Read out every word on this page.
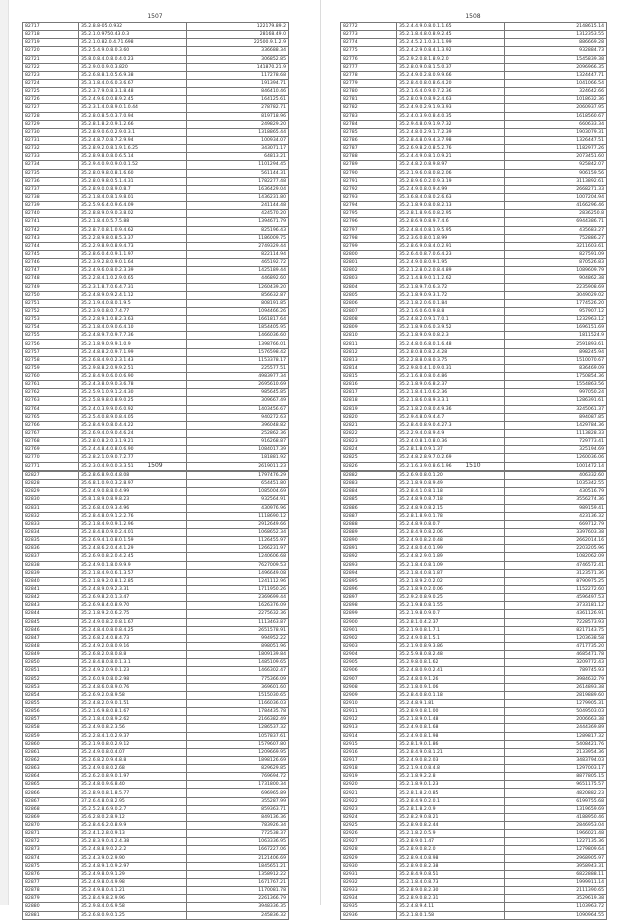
1507
82717	35.2.8.8-05.0.932	122179.89.2
82718	35.2.1.0.9750.43.0.3	28168.49.0
82719	35.2.1.0.82.0.4.71.698	22500.9.1.2.9
82720	35.2.5.4.9.0.8.0.3.60	336688.34
82721	35.8.0.8.4.0.8.0.4.0.23	306852.85
82722	35.2.9.0.0.9.0.3.820	141870.21.9
82723	35.2.6.8.8.1.0.5.6.9.38	117278.68
82724	35.3.1.8.4.0.6.0.3.6.67	191394.71
82725	35.2.3.7.9.0.8.3.1.8.48	846410.46
82726	35.2.4.9.6.0.0.8.9.2.45	164125.61
82727	35.2.3.1.4.0.8.9.0.1.0.44	278782.71
82728	35.2.8.0.8.5.0.3.7.0.94	819718.96
82729	35.2.8.1.8.2.0.9.1.2.66	249829.20
82730	35.2.8.9.0.6.0.2.9.0.3.1	1318865.44
82731	35.2.4.8.7.0.8.7.2.9.94	100934.07
82732	35.2.8.9.2.0.8.1.9.1.6.25	343071.17
82733	35.2.8.9.8.0.8.0.6.5.14	64813.21
82734	35.2.9.4.0.9.0.9.0.0.1.52	1101294.45
82735	35.2.8.0.9.8.0.8.1.6.60	561144.31
82736	35.2.8.0.9.8.0.5.1.4.31	1782277.48
82737	35.2.8.9.0.0.8.9.0.8.7	1636429.04
82738	35.2.1.8.4.0.8.1.9.8.01	1436231.80
82739	35.2.5.9.6.4.0.9.6.4.09	241144.48
82740	35.2.8.8.9.0.9.0.3.8.02	424570.20
82741	35.2.1.8.4.0.5.7.5.88	1394671.79
82742	35.2.8.7.0.8.1.0.9.4.62	825196.43
82743	35.2.2.8.9.8.0.8.5.3.37	1186009.75
82744	35.2.2.9.8.9.0.8.9.4.73	2749329.44
82745	35.2.8.6.0.4.0.9.1.1.97	822114.94
82746	35.2.3.9.2.8.0.9.0.1.64	465192.72
82747	35.2.4.9.6.0.8.0.2.3.39	1425189.44
82748	35.2.2.8.4.1.0.2.9.0.65	446892.60
82749	35.2.3.1.8.7.0.6.4.7.31	1260439.20
82750	35.2.4.8.9.0.9.2.4.1.12	856632.87
82751	35.2.1.9.4.0.8.0.1.9.5	808191.85
82752	35.2.3.9.0.8.0.7.4.77	1094466.26
82753	35.2.2.8.9.1.0.8.2.3.63	1661817.64
82754	35.2.1.8.4.0.9.0.6.4.10	1854405.95
82755	35.2.4.8.9.7.0.9.7.7.36	1466036.60
82756	35.2.1.8.9.0.9.9.1.0.9	1398766.01
82757	35.2.4.8.8.2.0.9.7.1.99	1576598.42
82758	35.2.6.8.4.9.0.2.3.1.43	1153378.17
82759	35.2.9.8.8.2.0.9.9.2.51	225577.51
82760	35.2.8.4.9.0.6.0.0.6.90	4983977.34
82761	35.2.4.3.8.0.9.0.3.6.78	2695610.69
82762	35.2.5.9.1.0.9.1.2.4.30	985645.85
82763	35.2.5.8.9.8.0.8.9.0.25	309667.49
82764	35.2.4.0.3.9.9.0.6.0.92	1403456.67
82765	35.2.5.4.0.8.9.0.8.4.05	940272.63
82766	35.2.8.4.9.0.8.0.4.4.22	396048.82
82767	35.2.6.9.4.0.9.0.4.6.24	252862.36
82768	35.2.8.0.8.2.0.3.1.9.21	916268.87
82769	35.2.4.4.8.4.0.8.0.6.90	1084017.39
82770	35.2.8.2.1.0.9.0.7.2.77	181881.92
82771	35.2.3.0.4.9.0.0.3.3.51	2619011.23
1508
82772	35.2.4.4.9.0.8.0.1.1.65	2148615.14
82773	35.2.1.8.4.8.0.8.9.2.45	1312353.55
82774	35.2.4.5.2.1.0.3.1.1.99	886669.28
82775	35.2.4.2.9.0.8.4.1.3.92	932884.73
82776	35.2.9.2.0.8.1.8.9.2.0	1545839.38
82777	35.2.8.0.9.0.8.1.5.0.37	2096966.35
82778	35.2.4.9.0.2.8.0.9.9.66	1324447.71
82779	35.2.8.4.0.8.0.8.6.4.20	1041066.54
82780	35.2.1.6.4.0.9.0.7.2.36	324642.66
82781	35.2.8.0.9.0.8.9.2.4.63	1018632.36
82782	35.2.4.9.0.2.9.1.9.3.93	2060937.95
82783	35.2.4.0.3.9.0.8.4.0.35	1618560.67
82784	35.2.9.4.8.0.9.1.9.7.32	660633.34
82785	35.2.4.8.0.2.9.1.7.2.39	1903079.31
82786	35.2.8.4.8.0.9.4.3.7.98	1326447.51
82787	35.2.6.9.8.2.0.8.5.2.76	1182977.26
82788	35.2.4.4.9.0.8.1.0.9.21	2073451.60
82789	35.2.4.8.2.0.8.9.8.97	925842.07
82790	35.2.1.9.6.0.8.0.8.2.06	906159.56
82791	35.2.8.9.6.0.2.0.9.3.19	3113892.61
82792	35.2.4.9.0.8.0.9.4.99	2668271.33
82793	35.3.6.8.4.0.8.0.2.6.63	1007204.94
82794	35.2.1.8.9.0.8.0.8.2.13	4166296.46
82795	35.2.8.1.8.9.6.0.8.2.95	2836250.8
82796	35.2.8.6.9.0.8.9.7.4.6	6944386.71
82797	35.2.4.8.4.0.8.1.9.5.95	435683.27
82798	35.2.3.6.0.8.0.1.8.99	752886.27
82799	35.2.8.6.9.0.8.4.0.2.91	3211603.61
82800	35.2.6.4.0.8.7.0.6.4.23	827591.09
82801	35.2.4.9.0.8.0.9.1.95	870526.83
82802	35.2.1.2.8.0.2.0.8.4.89	1089609.79
82803	35.2.1.4.8.9.0.1.1.2.62	904862.38
82804	35.2.1.8.9.7.0.6.3.72	2235908.69
82805	35.2.1.8.9.0.9.3.1.72	3049029.02
82806	35.2.1.8.2.0.6.0.1.84	1774526.20
82807	35.2.1.6.0.6.0.9.8.8	957907.12
82808	35.2.4.8.2.0.9.1.7.0.1	1232963.12
82809	35.2.1.8.9.0.6.0.3.9.52	1696151.69
82810	35.2.1.8.9.0.9.0.8.2.3	1811524.9
82811	35.2.4.8.0.6.8.0.1.6.48	2591893.61
82812	35.2.8.0.8.0.8.2.4.28	898245.94
82813	35.2.2.8.8.0.8.0.3.75	1510070.67
82814	35.2.9.8.0.4.1.0.9.0.31	836469.09
82815	35.2.1.6.8.0.8.0.4.86	1750854.36
82816	35.2.1.8.9.0.6.8.2.37	1554863.56
82817	35.2.1.8.4.1.0.6.2.36	997050.24
82818	35.2.1.8.6.0.8.9.3.3.1	1286391.61
82819	35.2.1.8.2.0.8.0.4.9.36	3245061.37
82820	35.2.9.4.8.0.9.4.4.7	894087.85
82821	35.2.8.4.0.8.9.0.4.27.3	1429784.36
82822	35.2.2.9.4.0.8.9.4.9	1113828.33
82823	35.2.4.0.8.1.0.8.0.36	729773.41
82824	35.2.8.1.8.0.9.1.37	325194.69
82825	35.2.4.8.2.8.9.7.0.2.69	1260036.06
82826	35.2.1.6.3.9.0.8.6.1.96	1001472.14
1509
82827	35.2.8.6.8.9.0.4.8.08	1797476.29
82828	35.6.8.1.0.9.0.3.2.8.97	654451.80
82829	35.2.4.9.0.8.8.0.4.99	1085004.69
82830	35.8.1.8.9.0.8.9.8.23	932564.91
82831	35.2.6.8.4.0.9.3.4.96	430976.96
82832	35.2.8.4.8.0.9.1.2.2.76	1118690.12
82833	35.2.1.8.4.9.0.9.1.2.96	2912649.66
82834	35.2.8.4.8.0.9.0.2.4.01	1068652.34
82835	35.2.6.9.4.1.0.8.0.1.59	1126455.97
82836	35.2.4.8.6.2.0.4.4.1.29	1266231.97
82837	35.2.6.9.0.8.2.0.4.2.45	1240606.68
82838	35.2.4.9.0.1.8.0.9.9.9	7627009.53
82839	35.2.1.8.4.9.0.6.1.3.57	1496649.08
82840	35.2.1.8.9.2.0.8.1.2.85	1241112.96
82841	35.2.4.8.9.0.9.2.3.31	1711950.26
82842	35.2.6.9.8.2.0.1.3.47	2369699.44
82843	35.2.6.9.8.4.0.8.9.70	1626376.09
82844	35.2.1.8.9.2.0.6.2.75	2275632.36
82845	35.2.4.9.0.8.2.0.8.1.67	1113463.87
82846	35.2.4.8.4.0.8.0.8.4.25	2651578.91
82847	35.2.6.8.2.4.0.8.4.73	994952.22
82848	35.2.4.9.2.0.8.0.9.16	898051.96
82849	35.2.6.8.2.0.8.0.8.8	1809139.84
82850	35.2.8.4.8.0.8.0.1.3.1	1485109.65
82851	35.2.4.9.2.0.9.0.1.23	1466302.47
82852	35.2.6.0.9.0.8.0.2.98	775366.09
82853	35.2.4.8.6.0.8.9.0.76	369601.60
82854	35.2.6.9.2.0.8.9.58	1515030.65
82855	35.2.4.8.2.0.9.0.1.51	1166036.03
82856	35.2.1.6.9.8.0.8.1.67	1784435.78
82857	35.2.1.8.4.0.8.9.2.62	2166382.49
82858	35.2.4.9.0.8.2.3.56	1286537.32
82859	35.2.2.8.4.1.0.2.9.37	1057837.61
82860	35.2.1.9.0.8.0.2.9.12	1579607.80
82861	35.2.4.9.0.8.0.4.07	1209669.95
82862	35.2.6.8.2.0.9.4.8.8	1898126.69
82863	35.2.4.9.0.8.0.2.68	829629.85
82864	35.2.6.2.0.8.9.0.1.97	769694.72
82865	35.2.4.8.0.9.6.8.40	1731800.34
82866	35.2.8.9.0.8.1.8.5.77	696965.89
82867	37.2.6.4.8.0.8.2.95	355287.99
82868	35.2.5.2.8.6.9.0.2.7	859363.71
82869	35.6.2.8.0.2.8.9.12	849136.36
82870	35.2.8.4.6.2.0.8.9.9	783926.34
82871	35.2.4.1.2.8.0.9.13	772538.37
82872	35.2.8.3.9.0.4.2.4.38	1063336.95
82873	35.2.4.8.8.9.0.2.2.2	1667227.06
82874	35.2.4.3.9.0.2.9.90	2121406.69
82875	35.2.4.8.9.1.0.9.2.97	1845651.21
82876	35.2.4.9.8.0.9.1.29	1358912.22
82877	35.2.4.9.8.0.4.9.98	1671767.21
82878	35.2.4.9.8.0.4.1.21	1170081.78
82879	35.2.8.4.9.8.2.9.96	2261366.79
82880	35.2.9.8.4.0.6.9.58	3948336.35
82881	35.2.6.8.0.9.0.1.25	245836.32
1510
82882	35.2.6.9.0.8.0.1.20	406332.60
82883	35.2.1.8.9.0.8.9.49	1035342.55
82884	35.2.8.4.1.0.8.1.18	430516.79
82885	35.2.4.8.9.0.8.7.18	3556274.36
82886	35.2.4.8.9.0.8.2.15	989159.41
82887	35.2.8.1.8.9.0.1.78	423136.32
82888	35.2.4.8.9.0.8.0.7	669712.79
82889	35.2.8.4.9.0.8.2.06	3397603.38
82890	35.2.4.9.0.8.2.0.48	2662014.16
82891	35.2.4.8.0.4.0.1.99	2203205.96
82892	35.2.4.8.2.9.0.1.89	1082062.09
82893	35.2.1.8.4.0.8.1.09	4746572.41
82894	35.2.1.8.4.0.8.1.87	3123571.36
82895	35.2.1.8.9.2.0.2.02	8790975.25
82896	35.2.1.8.9.0.2.0.06	1152272.60
82897	35.2.9.2.0.8.9.0.25	4596497.53
82898	35.2.1.9.8.0.8.1.55	3733181.12
82899	35.2.1.9.8.0.9.0.7	4361126.91
82900	35.2.8.1.0.4.2.37	7228573.93
82901	35.2.1.9.0.8.1.7.1	8217143.75
82902	35.2.4.9.0.8.1.5.1	1203638.58
82903	35.2.1.9.0.8.9.3.86	4717735.20
82904	35.2.5.9.8.0.8.2.48	4685471.78
82905	35.2.9.8.0.8.1.62	3209772.43
82906	35.2.4.8.0.9.0.2.41	789745.93
82907	35.2.4.8.0.9.1.26	3984632.79
82908	35.2.1.8.0.9.1.06	2614893.38
82909	35.2.8.4.0.8.0.1.18	2819889.60
82910	35.2.4.8.9.1.81	1279905.31
82911	35.2.8.9.0.8.1.00	5049503.03
82912	35.2.1.8.9.0.1.48	2006663.38
82913	35.2.4.9.0.8.1.68	2444369.89
82914	35.2.4.9.0.8.1.98	1289817.32
82915	35.2.8.1.9.0.1.86	5408421.76
82916	35.2.8.4.9.0.8.1.21	2133954.36
82917	35.2.4.9.0.8.2.03	3483794.03
82918	35.2.1.9.4.0.8.4.8	1297003.17
82919	35.2.1.8.9.2.2.8	8877805.15
82920	35.2.1.8.9.0.1.23	9651175.57
82921	35.2.8.1.8.2.0.85	4820882.23
82922	35.2.8.4.9.0.2.0.1	6199755.68
82923	35.2.8.1.8.2.0.9	1319659.69
82924	35.2.8.2.9.0.8.21	4188950.46
82925	35.2.8.9.0.8.2.44	2846953.04
82926	35.2.1.8.2.0.5.9	1966021.48
82927	35.2.8.9.0.1.47	1227135.36
82928	35.2.8.9.0.8.2.0	1279809.64
82929	35.2.8.9.4.0.8.98	2968905.97
82930	35.2.8.9.0.8.2.38	3958943.31
82931	35.2.8.4.9.0.8.51	6822888.11
82932	35.2.1.8.4.0.8.73	1999911.14
82933	35.2.8.9.0.8.2.30	2111390.65
82934	35.2.8.9.0.8.2.31	3529619.38
82935	35.2.4.8.9.4.11	1103963.72
82936	35.2.1.8.0.1.58	1090964.55
